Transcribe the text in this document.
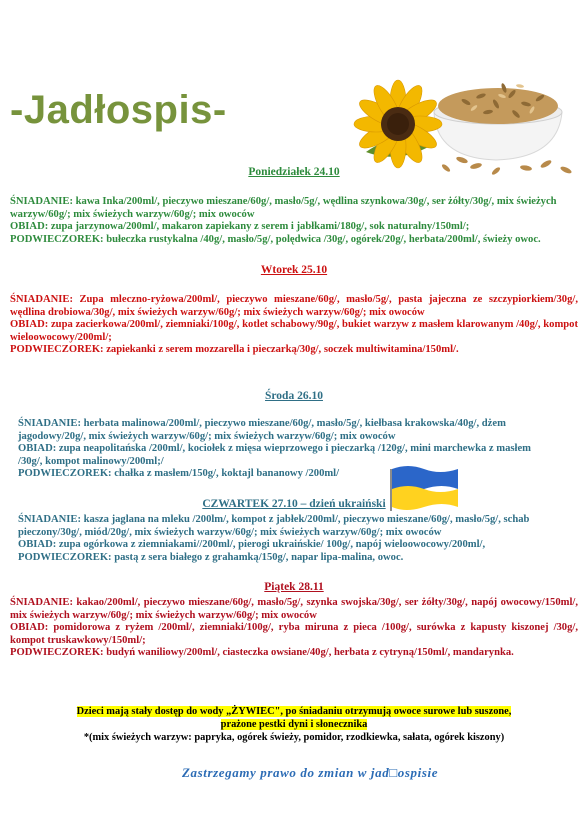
-Jadłospis-
Poniedziałek 24.10

ŚNIADANIE: kawa Inka/200ml/, pieczywo mieszane/60g/, masło/5g/, wędlina szynkowa/30g/, ser żółty/30g/, mix świeżych warzyw/60g/; mix świeżych warzyw/60g/; mix owoców

OBIAD: zupa jarzynowa/200ml/, makaron zapiekany z serem i jabłkami/180g/, sok naturalny/150ml/;

PODWIECZOREK: bułeczka rustykalna /40g/, masło/5g/, polędwica /30g/, ogórek/20g/, herbata/200ml/, świeży owoc.

Wtorek 25.10

ŚNIADANIE: Zupa mleczno-ryżowa/200ml/, pieczywo mieszane/60g/, masło/5g/, pasta jajeczna ze szczypiorkiem/30g/, wędlina drobiowa/30g/, mix świeżych warzyw/60g/; mix świeżych warzyw/60g/; mix owoców

OBIAD: zupa zacierkowa/200ml/, ziemniaki/100g/, kotlet schabowy/90g/, bukiet warzyw z masłem klarowanym /40g/, kompot wieloowocowy/200ml/;

PODWIECZOREK: zapiekanki z serem mozzarella i pieczarką/30g/, soczek multiwitamina/150ml/.

Środa 26.10

ŚNIADANIE: herbata malinowa/200ml/, pieczywo mieszane/60g/, masło/5g/, kiełbasa krakowska/40g/, dżem jagodowy/20g/, mix świeżych warzyw/60g/; mix świeżych warzyw/60g/; mix owoców

OBIAD: zupa neapolitańska /200ml/, kociołek z mięsa wieprzowego i pieczarką /120g/, mini marchewka z masłem /30g/, kompot malinowy/200ml;/

PODWIECZOREK: chałka z masłem/150g/, koktajl bananowy /200ml/

CZWARTEK 27.10 – dzień ukraiński

ŚNIADANIE: kasza jaglana na mleku /200lm/, kompot z jabłek/200ml/, pieczywo mieszane/60g/, masło/5g/, schab pieczony/30g/, miód/20g/, mix świeżych warzyw/60g/; mix świeżych warzyw/60g/; mix owoców

OBIAD: zupa ogórkowa z ziemniakami//200ml/, pierogi ukraińskie/ 100g/, napój wieloowocowy/200ml/,

PODWIECZOREK: pastą z sera białego z grahamką/150g/, napar lipa-malina, owoc.

Piątek 28.11

ŚNIADANIE: kakao/200ml/, pieczywo mieszane/60g/, masło/5g/, szynka swojska/30g/, ser żółty/30g/, napój owocowy/150ml/, mix świeżych warzyw/60g/; mix świeżych warzyw/60g/; mix owoców

OBIAD: pomidorowa z ryżem /200ml/, ziemniaki/100g/, ryba miruna z pieca /100g/, surówka z kapusty kiszonej /30g/, kompot truskawkowy/150ml/;

PODWIECZOREK: budyń waniliowy/200ml/, ciasteczka owsiane/40g/, herbata z cytryną/150ml/, mandarynka.

Dzieci mają stały dostęp do wody „ŻYWIEC", po śniadaniu otrzymują owoce surowe lub suszone,
prażone pestki dyni i słonecznika
*(mix świeżych warzyw: papryka, ogórek świeży, pomidor, rzodkiewka, sałata, ogórek kiszony)
Zastrzegamy prawo do zmian w jad□ospisie
